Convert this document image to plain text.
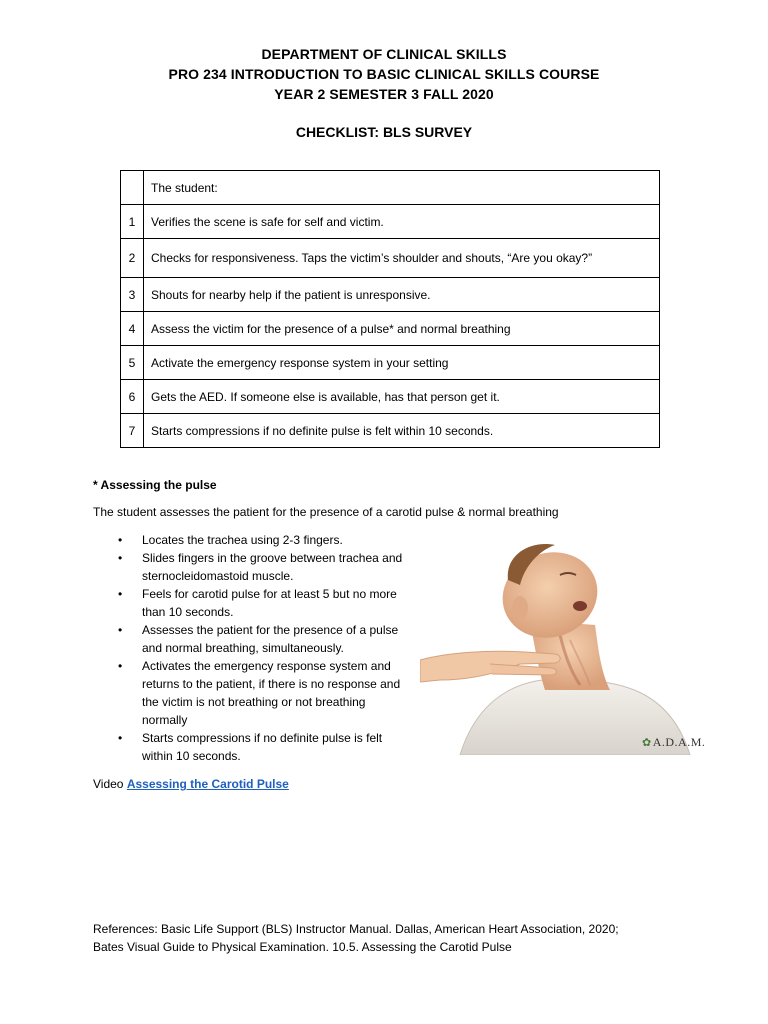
DEPARTMENT OF CLINICAL SKILLS
PRO 234 INTRODUCTION TO BASIC CLINICAL SKILLS COURSE
YEAR 2 SEMESTER 3 FALL 2020
CHECKLIST: BLS SURVEY
	The student:
1	Verifies the scene is safe for self and victim.
2	Checks for responsiveness. Taps the victim’s shoulder and shouts, “Are you okay?”
3	Shouts for nearby help if the patient is unresponsive.
4	Assess the victim for the presence of a pulse* and normal breathing
5	Activate the emergency response system in your setting
6	Gets the AED. If someone else is available, has that person get it.
7	Starts compressions if no definite pulse is felt within 10 seconds.
* Assessing the pulse
The student assesses the patient for the presence of a carotid pulse & normal breathing
• Locates the trachea using 2-3 fingers.
• Slides fingers in the groove between trachea and sternocleidomastoid muscle.
• Feels for carotid pulse for at least 5 but no more than 10 seconds.
• Assesses the patient for the presence of a pulse and normal breathing, simultaneously.
• Activates the emergency response system and returns to the patient, if there is no response and the victim is not breathing or not breathing normally
• Starts compressions if no definite pulse is felt within 10 seconds.
✿A.D.A.M.
Video Assessing the Carotid Pulse
References: Basic Life Support (BLS) Instructor Manual. Dallas, American Heart Association, 2020;
Bates Visual Guide to Physical Examination. 10.5. Assessing the Carotid Pulse
